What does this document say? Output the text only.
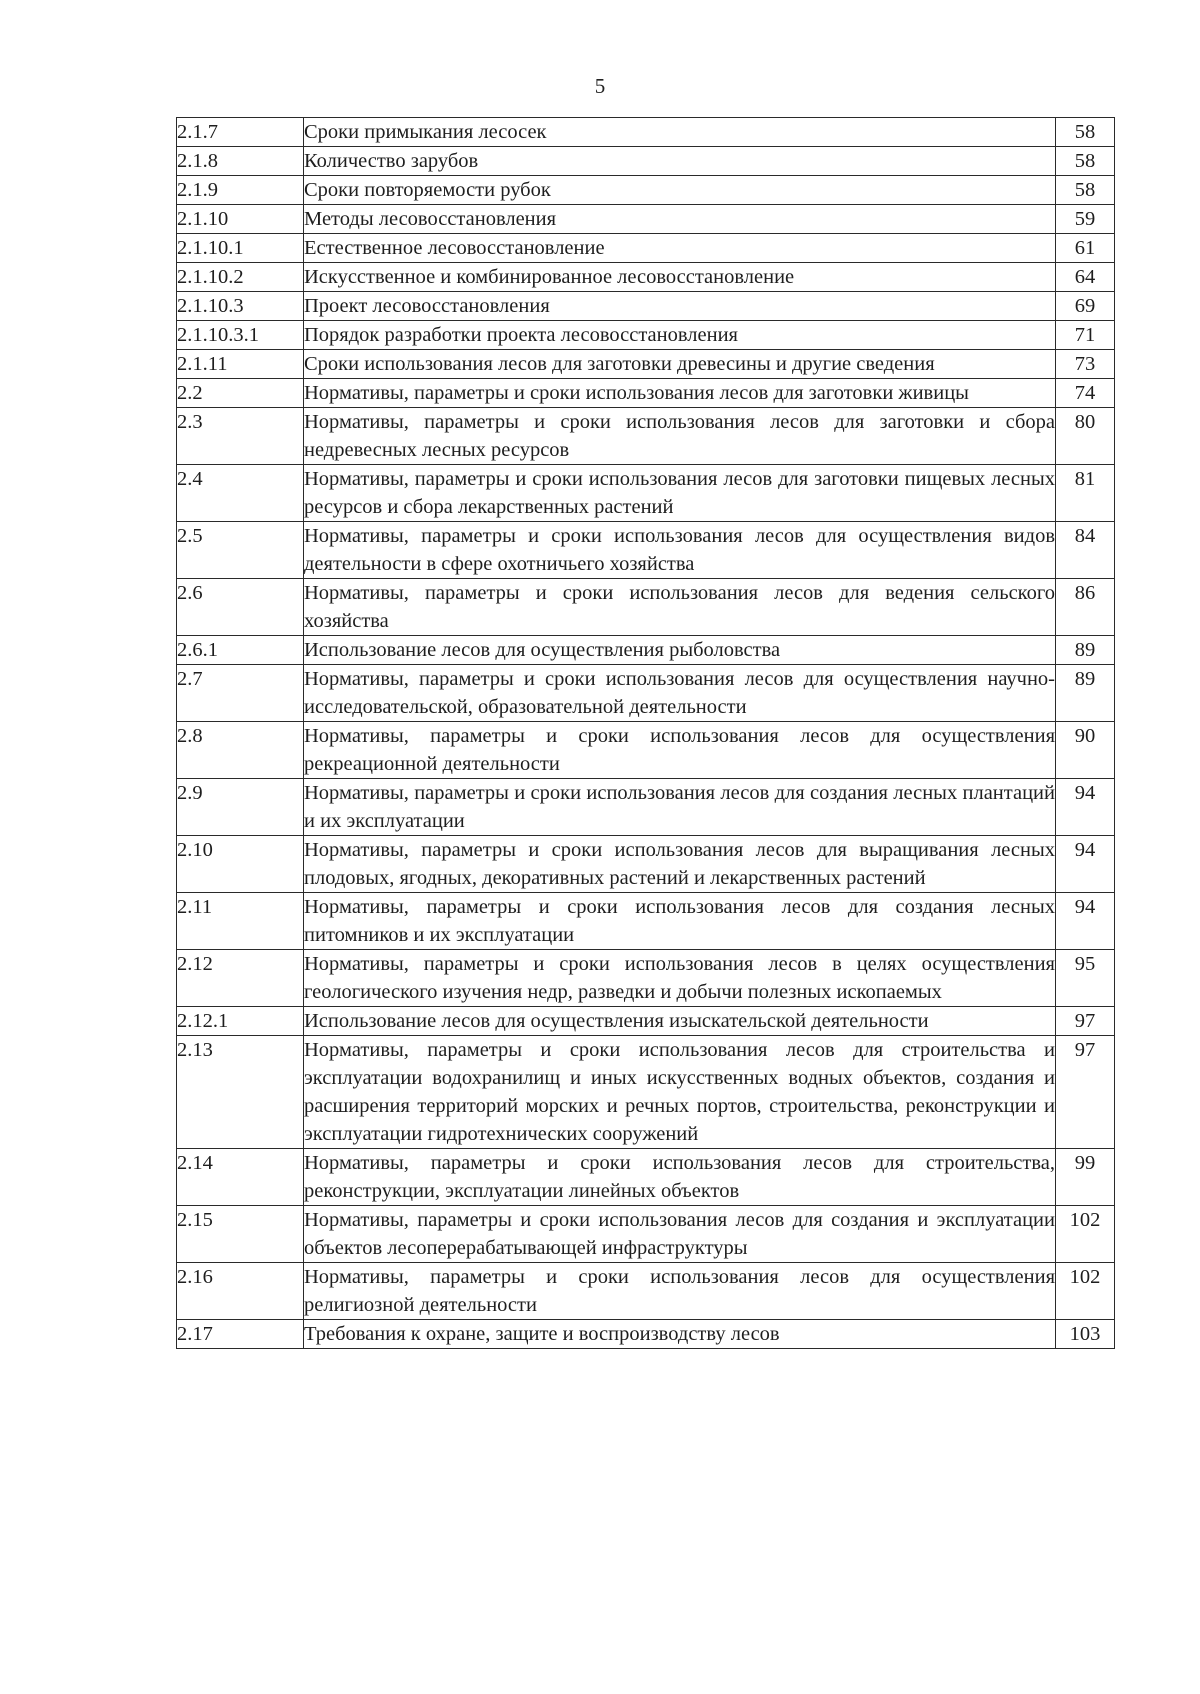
5
2.1.7	Сроки примыкания лесосек	58
2.1.8	Количество зарубов	58
2.1.9	Сроки повторяемости рубок	58
2.1.10	Методы лесовосстановления	59
2.1.10.1	Естественное лесовосстановление	61
2.1.10.2	Искусственное и комбинированное лесовосстановление	64
2.1.10.3	Проект лесовосстановления	69
2.1.10.3.1	Порядок разработки проекта лесовосстановления	71
2.1.11	Сроки использования лесов для заготовки древесины и другие сведения	73
2.2	Нормативы, параметры и сроки использования лесов для заготовки живицы	74
2.3	Нормативы, параметры и сроки использования лесов для заготовки и сбора недревесных лесных ресурсов	80
2.4	Нормативы, параметры и сроки использования лесов для заготовки пищевых лесных ресурсов и сбора лекарственных растений	81
2.5	Нормативы, параметры и сроки использования лесов для осуществления видов деятельности в сфере охотничьего хозяйства	84
2.6	Нормативы, параметры и сроки использования лесов для ведения сельского хозяйства	86
2.6.1	Использование лесов для осуществления рыболовства	89
2.7	Нормативы, параметры и сроки использования лесов для осуществления научно-исследовательской, образовательной деятельности	89
2.8	Нормативы, параметры и сроки использования лесов для осуществления рекреационной деятельности	90
2.9	Нормативы, параметры и сроки использования лесов для создания лесных плантаций и их эксплуатации	94
2.10	Нормативы, параметры и сроки использования лесов для выращивания лесных плодовых, ягодных, декоративных растений и лекарственных растений	94
2.11	Нормативы, параметры и сроки использования лесов для создания лесных питомников и их эксплуатации	94
2.12	Нормативы, параметры и сроки использования лесов в целях осуществления геологического изучения недр, разведки и добычи полезных ископаемых	95
2.12.1	Использование лесов для осуществления изыскательской деятельности	97
2.13	Нормативы, параметры и сроки использования лесов для строительства и эксплуатации водохранилищ и иных искусственных водных объектов, создания и расширения территорий морских и речных портов, строительства, реконструкции и эксплуатации гидротехнических сооружений	97
2.14	Нормативы, параметры и сроки использования лесов для строительства, реконструкции, эксплуатации линейных объектов	99
2.15	Нормативы, параметры и сроки использования лесов для создания и эксплуатации объектов лесоперерабатывающей инфраструктуры	102
2.16	Нормативы, параметры и сроки использования лесов для осуществления религиозной деятельности	102
2.17	Требования к охране, защите и воспроизводству лесов	103
